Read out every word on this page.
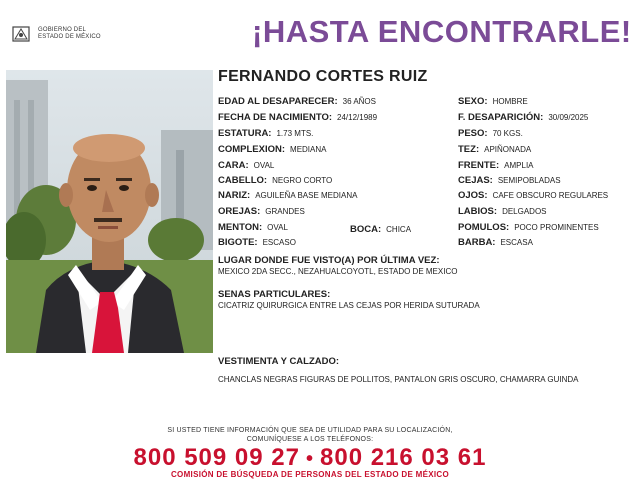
GOBIERNO DEL
ESTADO DE MÉXICO	¡HASTA ENCONTRARLE!
FERNANDO CORTES RUIZ
EDAD AL DESAPARECER: 36 AÑOS
FECHA DE NACIMIENTO: 24/12/1989
ESTATURA: 1.73 MTS.
COMPLEXION: MEDIANA
CARA: OVAL
CABELLO: NEGRO CORTO
NARIZ: AGUILEÑA BASE MEDIANA
OREJAS: GRANDES
MENTON: OVAL	BOCA: CHICA
BIGOTE: ESCASO
SEXO: HOMBRE
F. DESAPARICIÓN: 30/09/2025
PESO: 70 KGS.
TEZ: APIÑONADA
FRENTE: AMPLIA
CEJAS: SEMIPOBLADAS
OJOS: CAFE OBSCURO REGULARES
LABIOS: DELGADOS
POMULOS: POCO PROMINENTES
BARBA: ESCASA
LUGAR DONDE FUE VISTO(A) POR ÚLTIMA VEZ:
MEXICO 2DA SECC., NEZAHUALCOYOTL, ESTADO DE MEXICO
SENAS PARTICULARES:
CICATRIZ QUIRURGICA ENTRE LAS CEJAS POR HERIDA SUTURADA
VESTIMENTA Y CALZADO:
CHANCLAS NEGRAS FIGURAS DE POLLITOS, PANTALON GRIS OSCURO, CHAMARRA GUINDA
SI USTED TIENE INFORMACIÓN QUE SEA DE UTILIDAD PARA SU LOCALIZACIÓN,
COMUNÍQUESE A LOS TELÉFONOS:
800 509 09 27 • 800 216 03 61
COMISIÓN DE BÚSQUEDA DE PERSONAS DEL ESTADO DE MÉXICO
